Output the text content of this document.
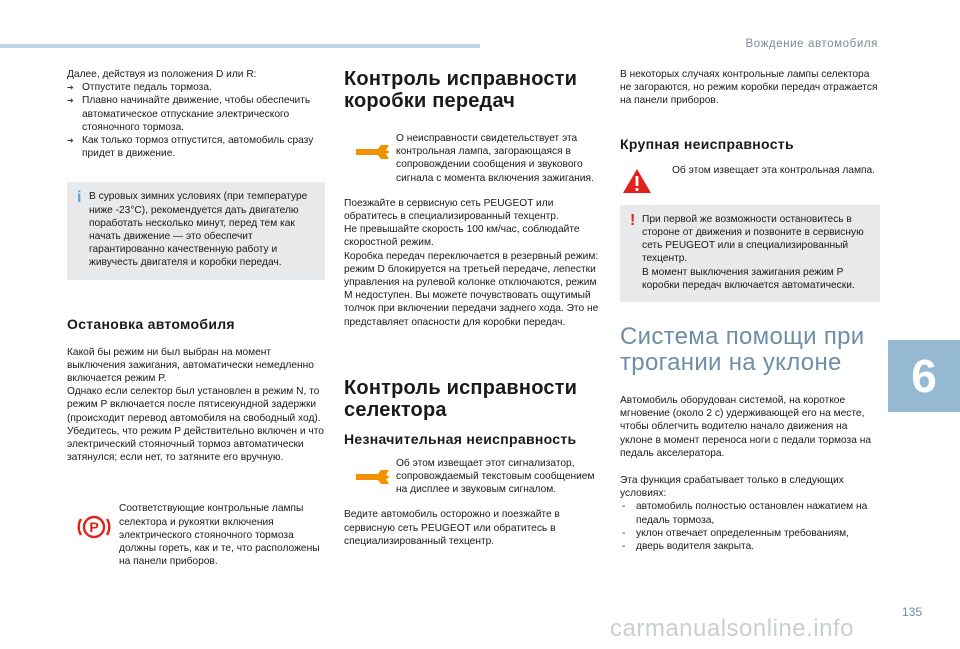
Вождение автомобиля

Далее, действуя из положения D или R:

➔ Отпустите педаль тормоза.
➔ Плавно начинайте движение, чтобы обеспечить автоматическое отпускание электрического стояночного тормоза.
➔ Как только тормоз отпустится, автомобиль сразу придет в движение.
i В суровых зимних условиях (при температуре ниже -23°C), рекомендуется дать двигателю поработать несколько минут, перед тем как начать движение — это обеспечит гарантированно качественную работу и живучесть двигателя и коробки передач.
Остановка автомобиля

Какой бы режим ни был выбран на момент выключения зажигания, автоматически немедленно включается режим P.

Однако если селектор был установлен в режим N, то режим P включается после пятисекундной задержки (происходит перевод автомобиля на свободный ход).

Убедитесь, что режим P действительно включен и что электрический стояночный тормоз автоматически затянулся; если нет, то затяните его вручную.

P

Соответствующие контрольные лампы селектора и рукоятки включения электрического стояночного тормоза должны гореть, как и те, что расположены на панели приборов.

Контроль исправности коробки передач

О неисправности свидетельствует эта контрольная лампа, загорающаяся в сопровождении сообщения и звукового сигнала с момента включения зажигания.

Поезжайте в сервисную сеть PEUGEOT или обратитесь в специализированный техцентр.

Не превышайте скорость 100 км/час, соблюдайте скоростной режим.

Коробка передач переключается в резервный режим: режим D блокируется на третьей передаче, лепестки управления на рулевой колонке отключаются, режим M недоступен. Вы можете почувствовать ощутимый толчок при включении передачи заднего хода. Это не представляет опасности для коробки передач.

Контроль исправности селектора
Незначительная неисправность

Об этом извещает этот сигнализатор, сопровождаемый текстовым сообщением на дисплее и звуковым сигналом.

Ведите автомобиль осторожно и поезжайте в сервисную сеть PEUGEOT или обратитесь в специализированный техцентр.

В некоторых случаях контрольные лампы селектора не загораются, но режим коробки передач отражается на панели приборов.

Крупная неисправность

Об этом извещает эта контрольная лампа.

! При первой же возможности остановитесь в стороне от движения и позвоните в сервисную сеть PEUGEOT или в специализированный техцентр.

В момент выключения зажигания режим P коробки передач включается автоматически.

Система помощи при трогании на уклоне

Автомобиль оборудован системой, на короткое мгновение (около 2 с) удерживающей его на месте, чтобы облегчить водителю начало движения на уклоне в момент переноса ноги с педали тормоза на педаль акселератора.

Эта функция срабатывает только в следующих условиях:

- автомобиль полностью остановлен нажатием на педаль тормоза,
- уклон отвечает определенным требованиям,
- дверь водителя закрыта.
6
135
carmanualsonline.info
